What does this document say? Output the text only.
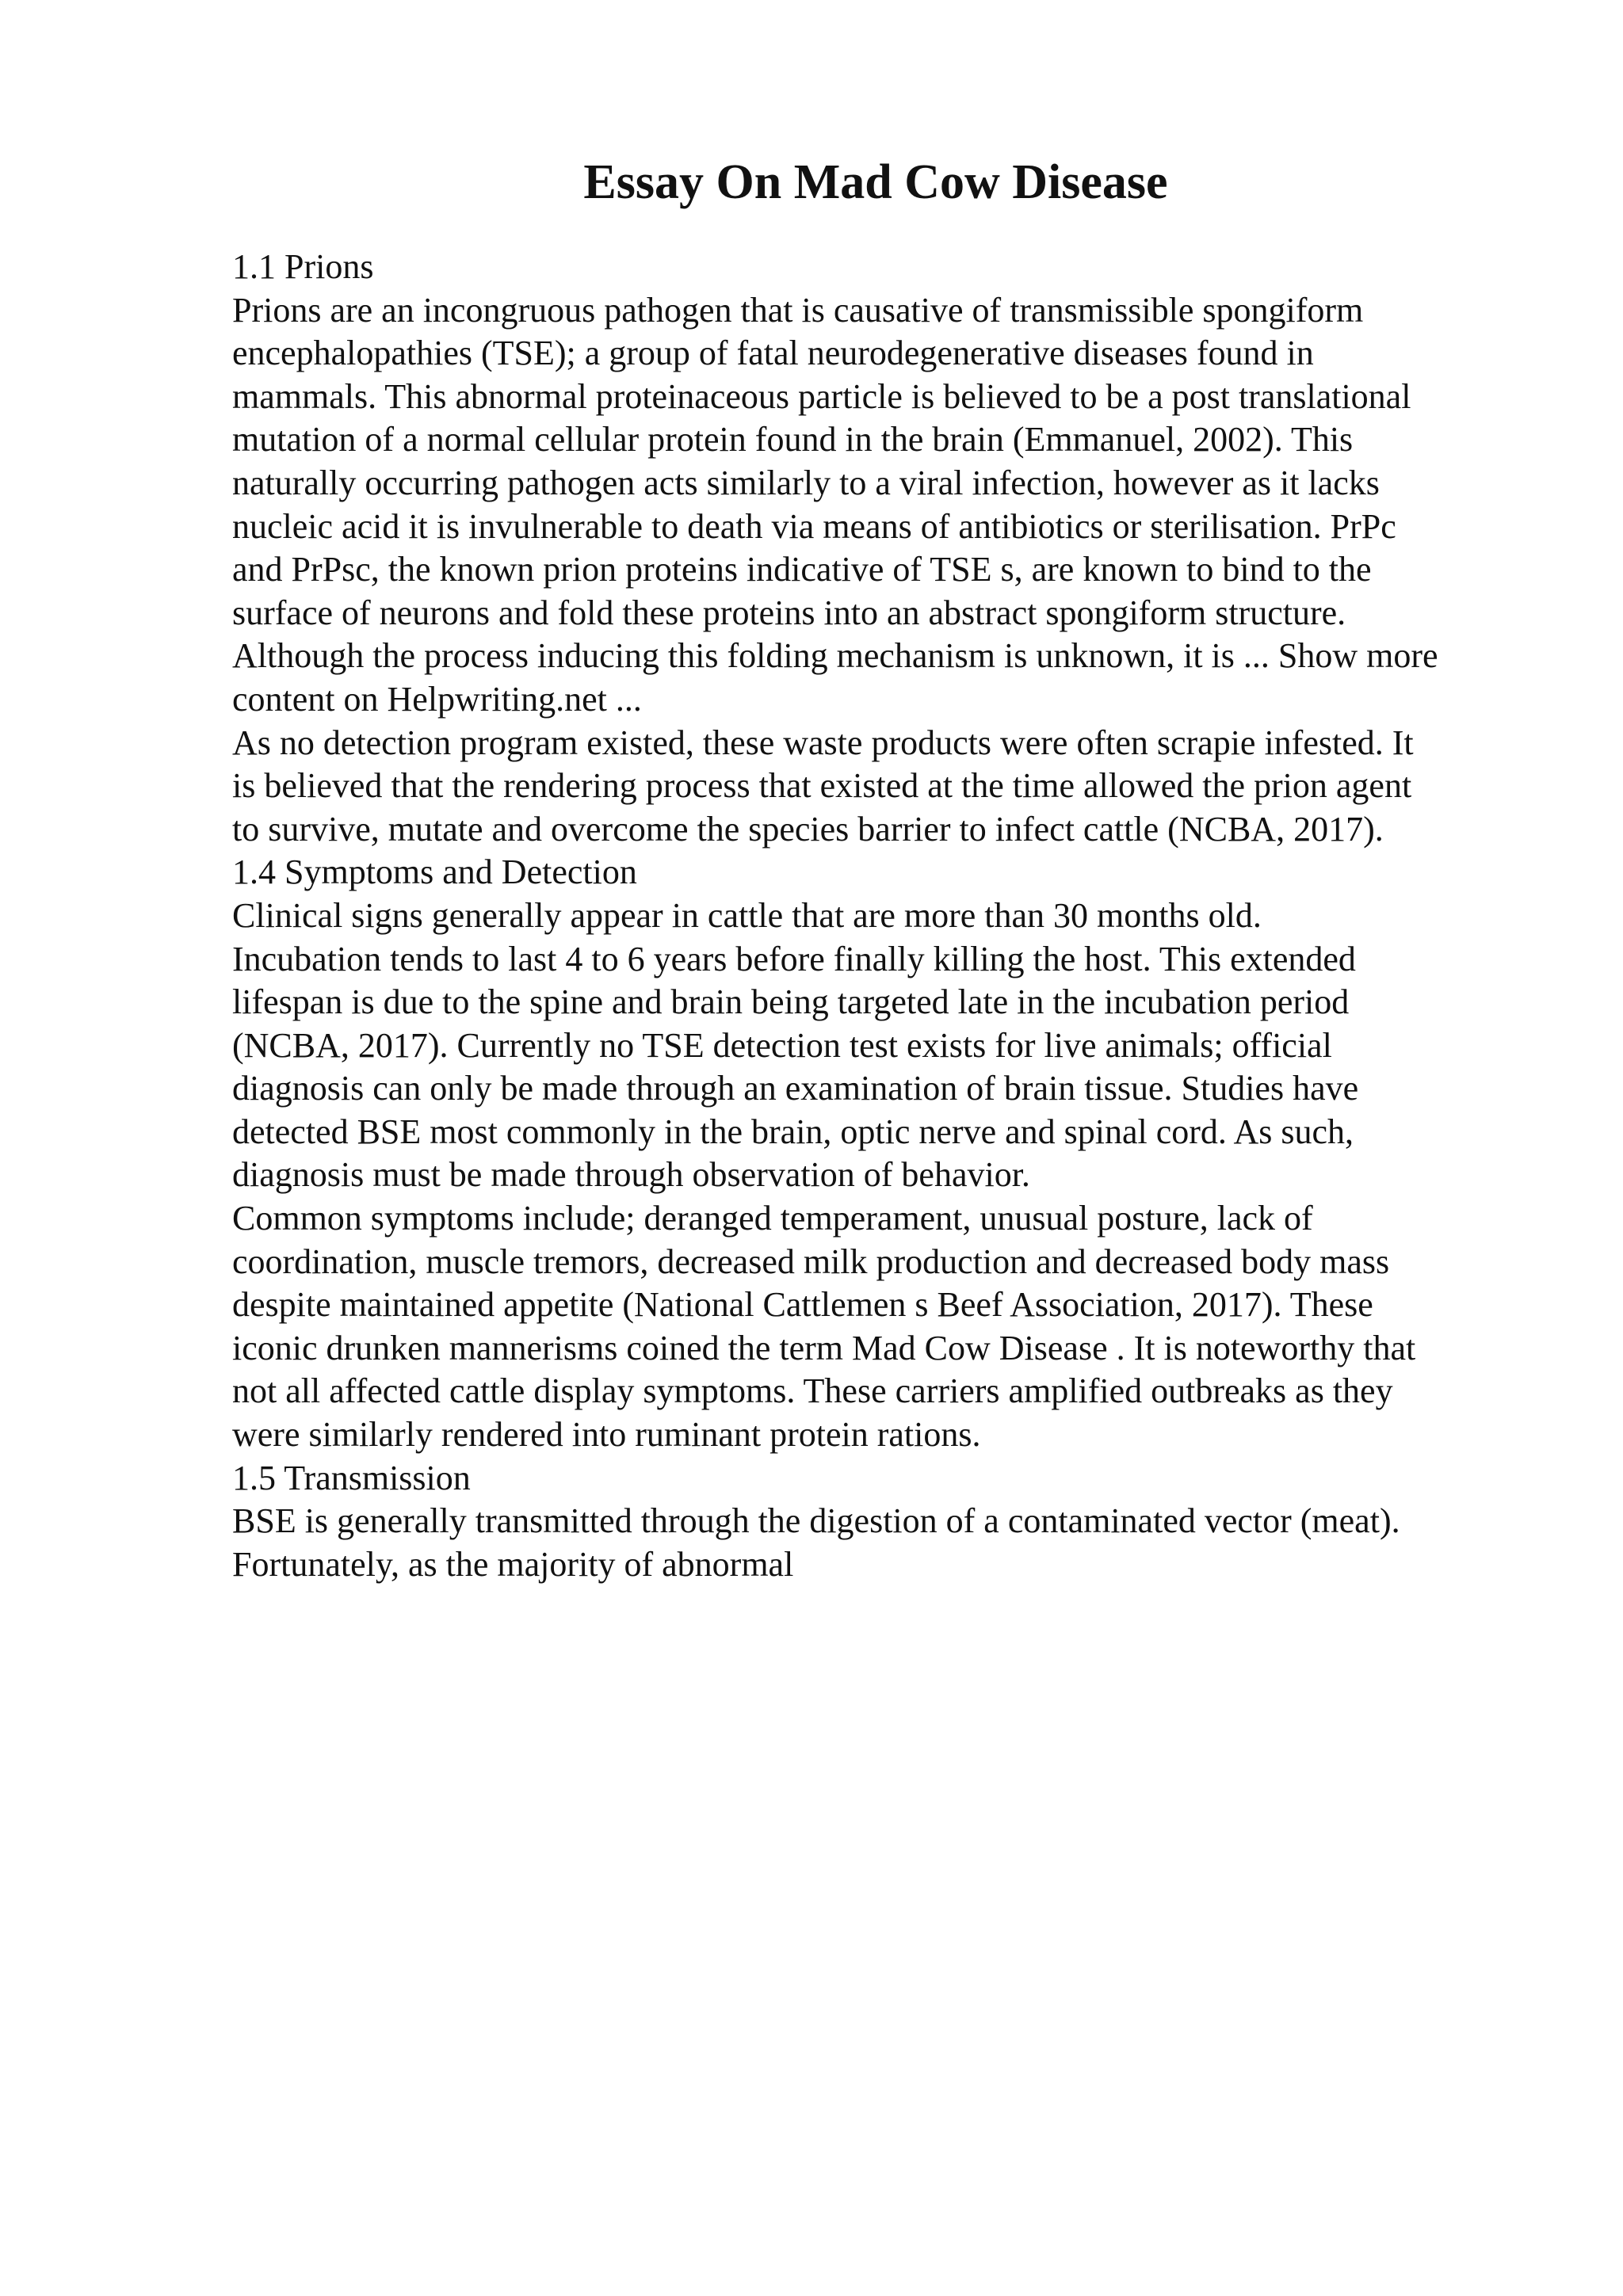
Essay On Mad Cow Disease
1.1 Prions
Prions are an incongruous pathogen that is causative of transmissible spongiform
encephalopathies (TSE); a group of fatal neurodegenerative diseases found in
mammals. This abnormal proteinaceous particle is believed to be a post translational
mutation of a normal cellular protein found in the brain (Emmanuel, 2002). This
naturally occurring pathogen acts similarly to a viral infection, however as it lacks
nucleic acid it is invulnerable to death via means of antibiotics or sterilisation. PrPc
and PrPsc, the known prion proteins indicative of TSE s, are known to bind to the
surface of neurons and fold these proteins into an abstract spongiform structure.
Although the process inducing this folding mechanism is unknown, it is ... Show more
content on Helpwriting.net ...
As no detection program existed, these waste products were often scrapie infested. It
is believed that the rendering process that existed at the time allowed the prion agent
to survive, mutate and overcome the species barrier to infect cattle (NCBA, 2017).
1.4 Symptoms and Detection
Clinical signs generally appear in cattle that are more than 30 months old.
Incubation tends to last 4 to 6 years before finally killing the host. This extended
lifespan is due to the spine and brain being targeted late in the incubation period
(NCBA, 2017). Currently no TSE detection test exists for live animals; official
diagnosis can only be made through an examination of brain tissue. Studies have
detected BSE most commonly in the brain, optic nerve and spinal cord. As such,
diagnosis must be made through observation of behavior.
Common symptoms include; deranged temperament, unusual posture, lack of
coordination, muscle tremors, decreased milk production and decreased body mass
despite maintained appetite (National Cattlemen s Beef Association, 2017). These
iconic drunken mannerisms coined the term Mad Cow Disease . It is noteworthy that
not all affected cattle display symptoms. These carriers amplified outbreaks as they
were similarly rendered into ruminant protein rations.
1.5 Transmission
BSE is generally transmitted through the digestion of a contaminated vector (meat).
Fortunately, as the majority of abnormal
